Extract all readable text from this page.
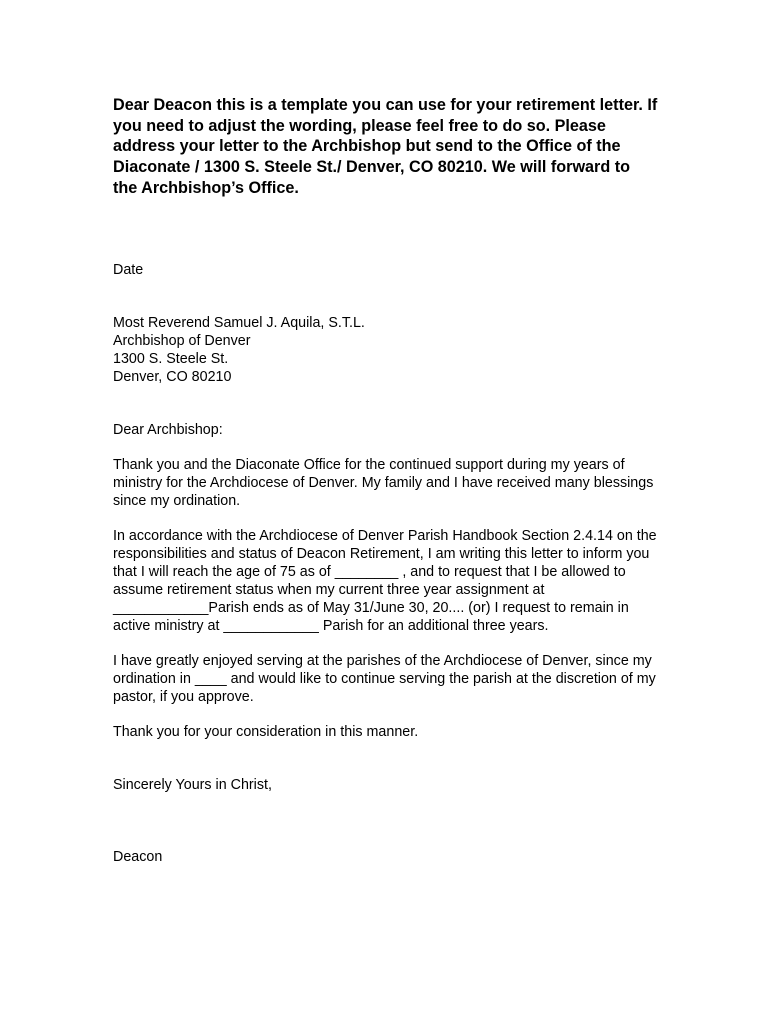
Dear Deacon this is a template you can use for your retirement letter. If you need to adjust the wording, please feel free to do so. Please address your letter to the Archbishop but send to the Office of the Diaconate / 1300 S. Steele St./ Denver, CO 80210. We will forward to the Archbishop’s Office.

Date

Most Reverend Samuel J. Aquila, S.T.L.
Archbishop of Denver
1300 S. Steele St.
Denver, CO 80210

Dear Archbishop:

Thank you and the Diaconate Office for the continued support during my years of ministry for the Archdiocese of Denver. My family and I have received many blessings since my ordination.

In accordance with the Archdiocese of Denver Parish Handbook Section 2.4.14 on the responsibilities and status of Deacon Retirement, I am writing this letter to inform you that I will reach the age of 75 as of ________ , and to request that I be allowed to assume retirement status when my current three year assignment at ____________Parish ends as of May 31/June 30, 20.... (or) I request to remain in active ministry at ____________ Parish for an additional three years.

I have greatly enjoyed serving at the parishes of the Archdiocese of Denver, since my ordination in ____ and would like to continue serving the parish at the discretion of my pastor, if you approve.

Thank you for your consideration in this manner.

Sincerely Yours in Christ,

Deacon
